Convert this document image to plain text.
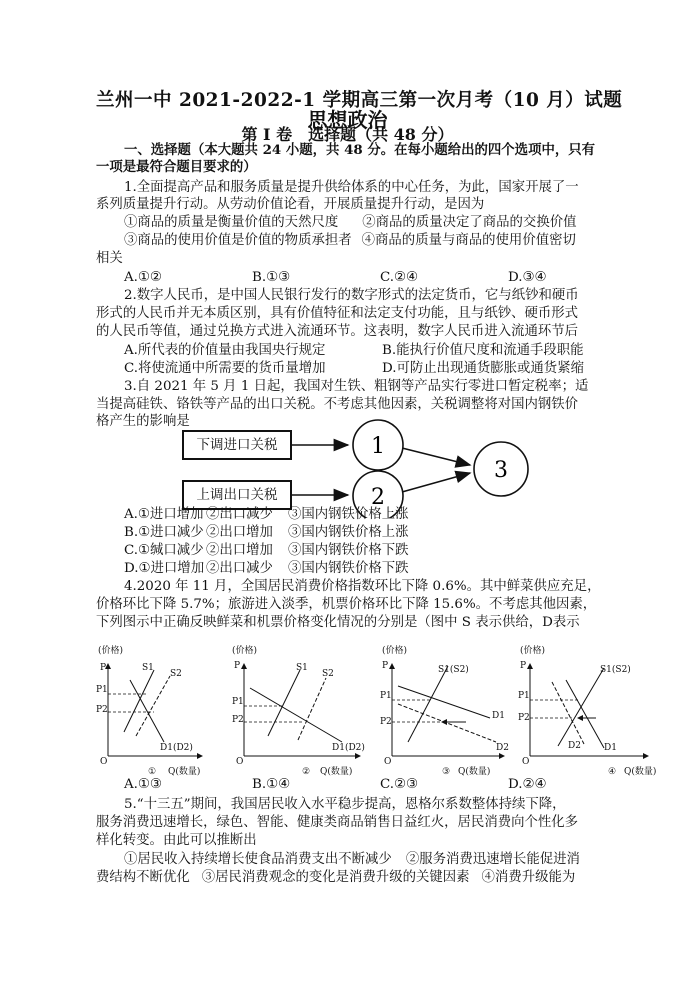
兰州一中 2021-2022-1 学期高三第一次月考（10 月）试题
思想政治
第 I 卷　选择题（共 48 分）
一、选择题（本大题共 24 小题，共 48 分。在每小题给出的四个选项中，只有
一项是最符合题目要求的）
1.全面提高产品和服务质量是提升供给体系的中心任务，为此，国家开展了一
系列质量提升行动。从劳动价值论看，开展质量提升行动，是因为
①商品的质量是衡量价值的天然尺度 ②商品的质量决定了商品的交换价值
③商品的使用价值是价值的物质承担者 ④商品的质量与商品的使用价值密切
相关
A.①②	B.①③	C.②④	D.③④
2.数字人民币，是中国人民银行发行的数字形式的法定货币，它与纸钞和硬币
形式的人民币并无本质区别，具有价值特征和法定支付功能，且与纸钞、硬币形式
的人民币等值，通过兑换方式进入流通环节。这表明，数字人民币进入流通环节后
A.所代表的价值量由我国央行规定	B.能执行价值尺度和流通手段职能
C.将使流通中所需要的货币量增加	D.可防止出现通货膨胀或通货紧缩
3.自 2021 年 5 月 1 日起，我国对生铁、粗钢等产品实行零进口暂定税率；适
当提高硅铁、铬铁等产品的出口关税。不考虑其他因素，关税调整将对国内钢铁价
格产生的影响是
1
2
3
下调进口关税
上调出口关税
A.①进口增加 ②出口减少 ③国内钢铁价格上涨
B.①进口减少 ②出口增加 ③国内钢铁价格上涨
C.①缄口减少 ②出口增加 ③国内钢铁价格下跌
D.①进口增加 ②出口减少 ③国内钢铁价格下跌
4.2020 年 11 月，全国居民消费价格指数环比下降 0.6%。其中鲜菜供应充足，
价格环比下降 5.7%；旅游进入淡季，机票价格环比下降 15.6%。不考虑其他因素，
下列图示中正确反映鲜菜和机票价格变化情况的分别是（图中 S 表示供给，D表示
(价格)
P
O
P1
P2
S1
S2
D1(D2)
① Q(数量)
(价格)
P
O
P1
P2
S1
S2
D1(D2)
② Q(数量)
(价格)
P
O
P1
P2
S1(S2)
D1
D2
③ Q(数量)
(价格)
P
O
P1
P2
S1(S2)
D2	D1
④ Q(数量)
A.①③	B.①④	C.②③	D.②④
5.“十三五”期间，我国居民收入水平稳步提高，恩格尔系数整体持续下降，
服务消费迅速增长，绿色、智能、健康类商品销售日益红火，居民消费向个性化多
样化转变。由此可以推断出
①居民收入持续增长使食品消费支出不断减少 ②服务消费迅速增长能促进消
费结构不断优化 ③居民消费观念的变化是消费升级的关键因素 ④消费升级能为
